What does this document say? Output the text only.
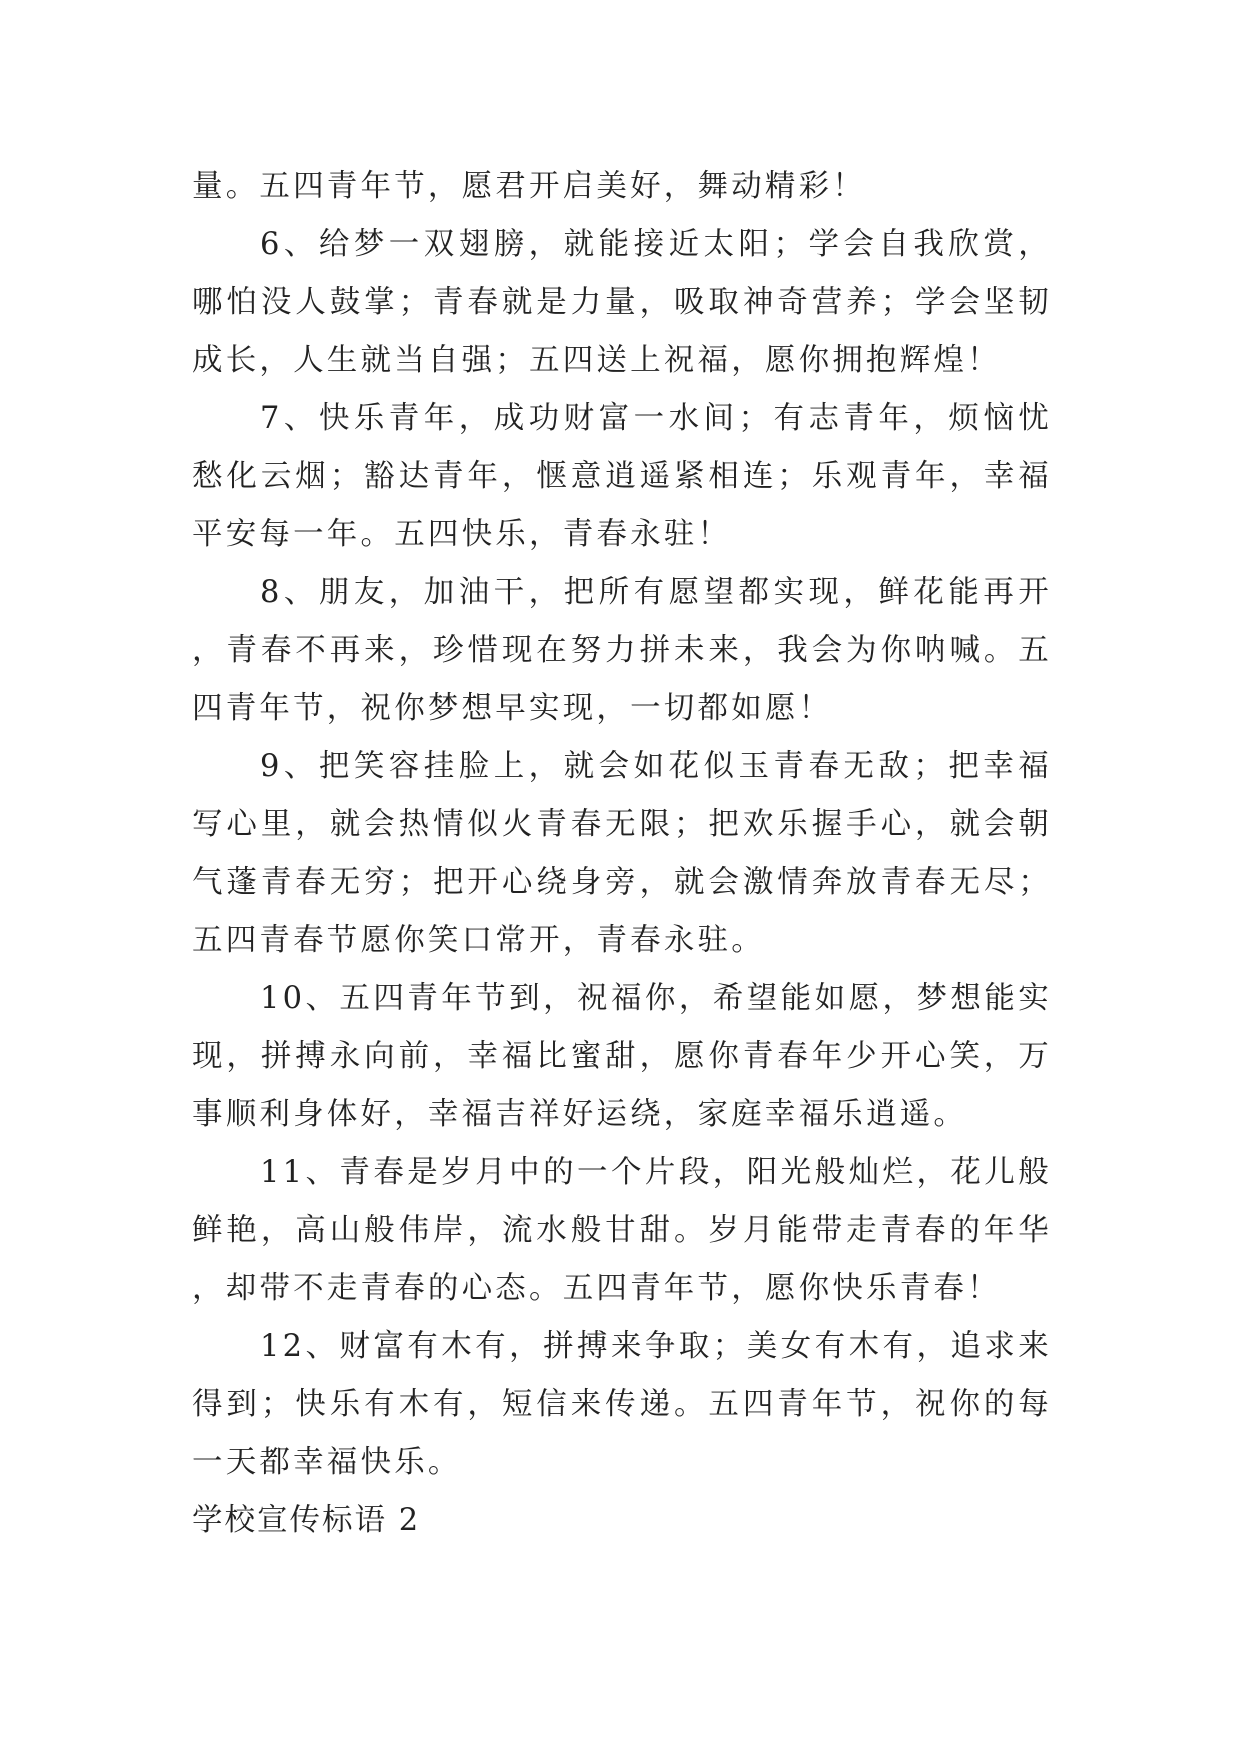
量。五四青年节，愿君开启美好，舞动精彩！

6、给梦一双翅膀，就能接近太阳；学会自我欣赏，哪怕没人鼓掌；青春就是力量，吸取神奇营养；学会坚韧成长，人生就当自强；五四送上祝福，愿你拥抱辉煌！

7、快乐青年，成功财富一水间；有志青年，烦恼忧愁化云烟；豁达青年，惬意逍遥紧相连；乐观青年，幸福平安每一年。五四快乐，青春永驻！

8、朋友，加油干，把所有愿望都实现，鲜花能再开，青春不再来，珍惜现在努力拼未来，我会为你呐喊。五四青年节，祝你梦想早实现，一切都如愿！

9、把笑容挂脸上，就会如花似玉青春无敌；把幸福写心里，就会热情似火青春无限；把欢乐握手心，就会朝气蓬青春无穷；把开心绕身旁，就会激情奔放青春无尽；五四青春节愿你笑口常开，青春永驻。

10、五四青年节到，祝福你，希望能如愿，梦想能实现，拼搏永向前，幸福比蜜甜，愿你青春年少开心笑，万事顺利身体好，幸福吉祥好运绕，家庭幸福乐逍遥。

11、青春是岁月中的一个片段，阳光般灿烂，花儿般鲜艳，高山般伟岸，流水般甘甜。岁月能带走青春的年华，却带不走青春的心态。五四青年节，愿你快乐青春！

12、财富有木有，拼搏来争取；美女有木有，追求来得到；快乐有木有，短信来传递。五四青年节，祝你的每一天都幸福快乐。

学校宣传标语 2
